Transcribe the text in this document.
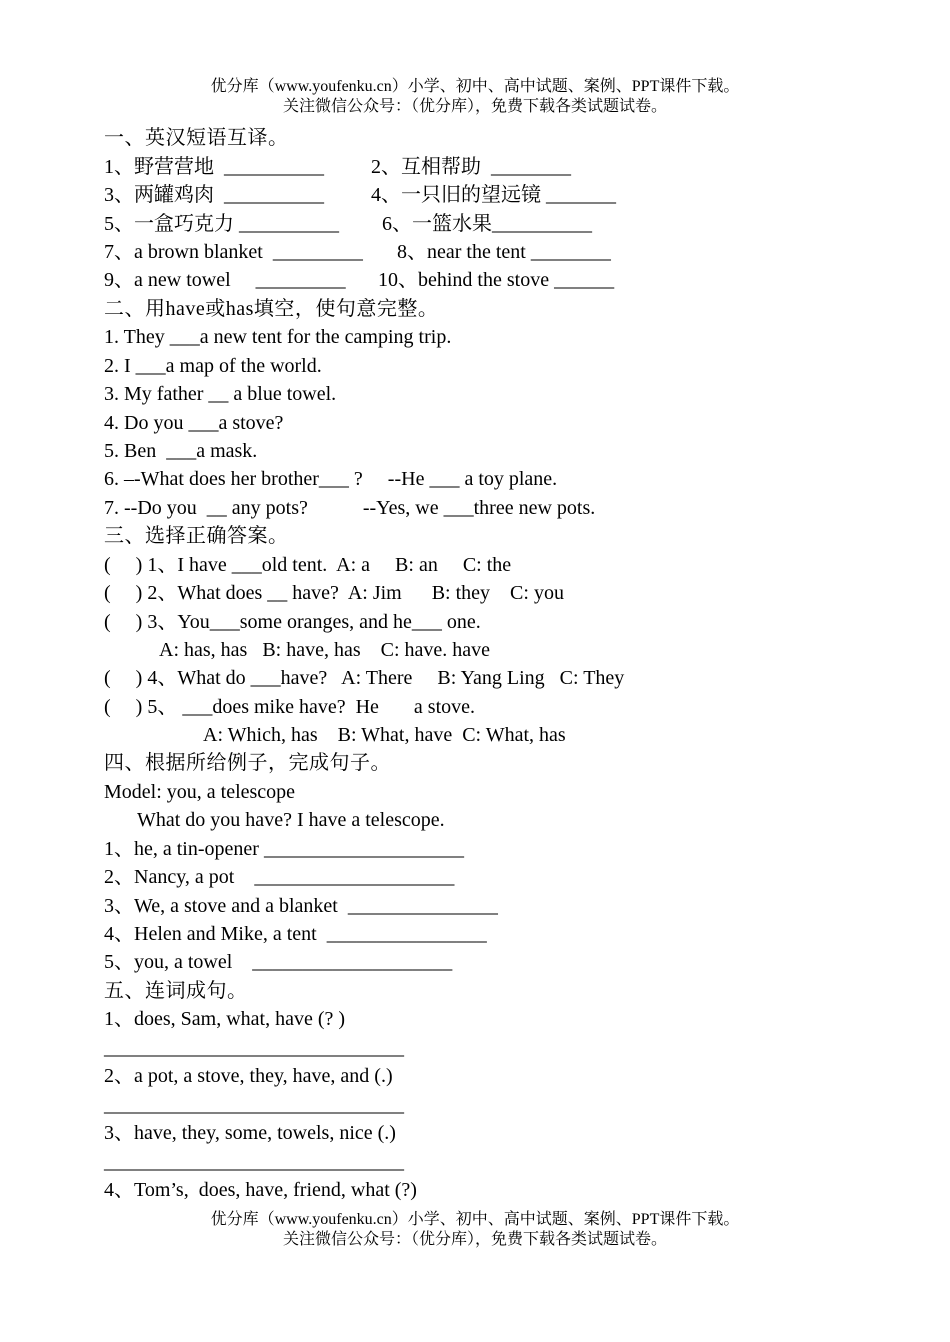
优分库（www.youfenku.cn）小学、初中、高中试题、案例、PPT课件下载。
关注微信公众号：（优分库），免费下载各类试题试卷。
一、英汉短语互译。
1、野营营地  __________ 2、互相帮助  ________
3、两罐鸡肉  __________ 4、一只旧的望远镜 _______
5、一盒巧克力 __________ 6、一篮水果__________
7、a brown blanket  _________ 8、near the tent ________
9、a new towel     _________ 10、behind the stove ______
二、用have或has填空，使句意完整。
1. They ___a new tent for the camping trip.
2. I ___a map of the world.
3. My father __ a blue towel.
4. Do you ___a stove?
5. Ben  ___a mask.
6. –-What does her brother___ ?     --He ___ a toy plane.
7. --Do you  __ any pots?           --Yes, we ___three new pots.
三、选择正确答案。
(     ) 1、I have ___old tent.  A: a     B: an     C: the
(     ) 2、What does __ have?  A: Jim      B: they    C: you
(     ) 3、You___some oranges, and he___ one.
A: has, has   B: have, has    C: have. have
(     ) 4、What do ___have?   A: There     B: Yang Ling   C: They
(     ) 5、 ___does mike have?  He       a stove.
A: Which, has    B: What, have  C: What, has
四、根据所给例子，完成句子。
Model: you, a telescope
What do you have? I have a telescope.
1、he, a tin-opener ____________________
2、Nancy, a pot    ____________________
3、We, a stove and a blanket  _______________
4、Helen and Mike, a tent  ________________
5、you, a towel    ____________________
五、连词成句。
1、does, Sam, what, have (? )
______________________________
2、a pot, a stove, they, have, and (.)
______________________________
3、have, they, some, towels, nice (.)
______________________________
4、Tom’s,  does, have, friend, what (?)
优分库（www.youfenku.cn）小学、初中、高中试题、案例、PPT课件下载。
关注微信公众号：（优分库），免费下载各类试题试卷。
